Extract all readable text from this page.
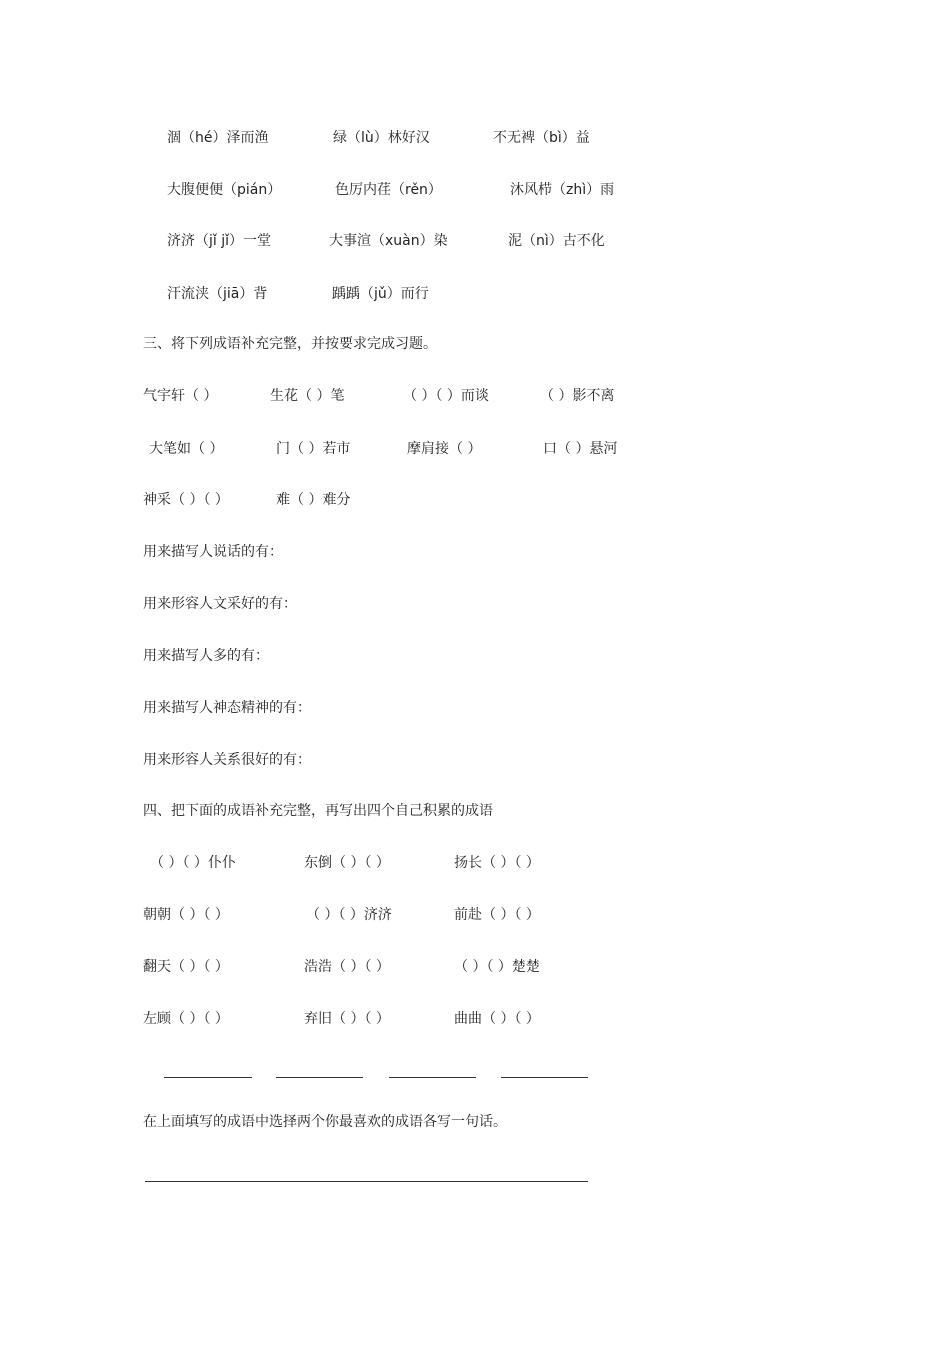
涸（hé）泽而渔	绿（lù）林好汉	不无裨（bì）益
大腹便便（pián）	色厉内荏（rěn）	沐风栉（zhì）雨
济济（jǐ jǐ）一堂	大事渲（xuàn）染	泥（nì）古不化
汗流浃（jiā）背	踽踽（jǔ）而行
三、将下列成语补充完整，并按要求完成习题。
气宇轩（ ）	生花（ ）笔	（ ）（ ）而谈	（ ）影不离
大笔如（ ）	门（ ）若市	摩肩接（ ）	口（ ）悬河
神采（ ）（ ）	难（ ）难分
用来描写人说话的有：
用来形容人文采好的有：
用来描写人多的有：
用来描写人神态精神的有：
用来形容人关系很好的有：
四、把下面的成语补充完整，再写出四个自己积累的成语
（ ）（ ）仆仆	东倒（ ）（ ）	扬长（ ）（ ）
朝朝（ ）（ ）	（ ）（ ）济济	前赴（ ）（ ）
翻天（ ）（ ）	浩浩（ ）（ ）	（ ）（ ）楚楚
左顾（ ）（ ）	弃旧（ ）（ ）	曲曲（ ）（ ）
在上面填写的成语中选择两个你最喜欢的成语各写一句话。
